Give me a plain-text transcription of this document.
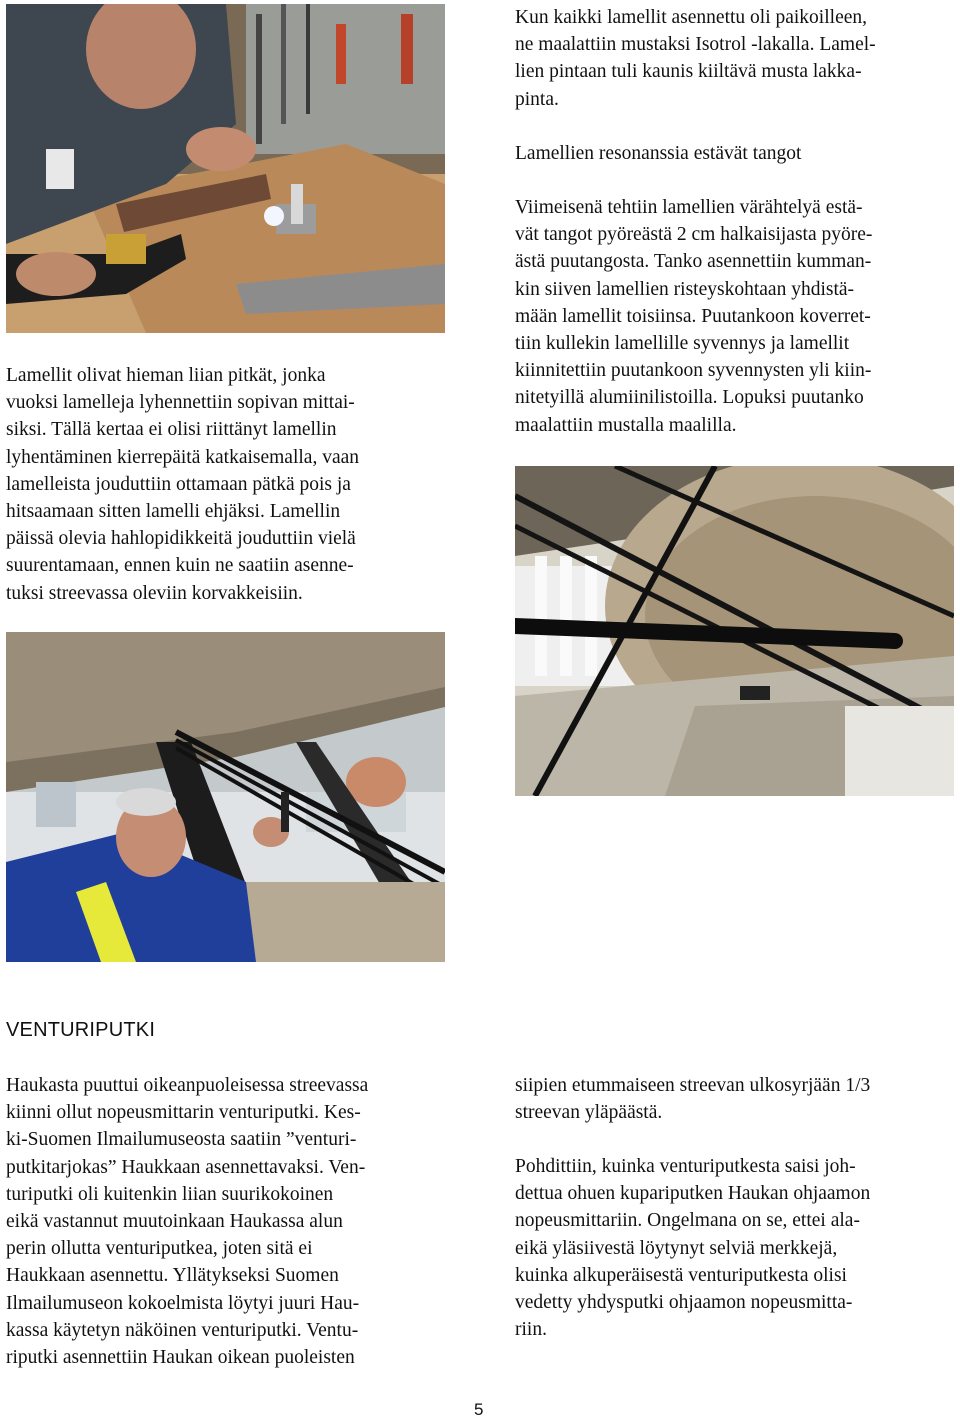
Kun kaikki lamellit asennettu oli paikoilleen,
ne maalattiin mustaksi Isotrol -lakalla. Lamel-
lien pintaan tuli kaunis kiiltävä musta lakka-
pinta.

Lamellien resonanssia estävät tangot

Viimeisenä tehtiin lamellien värähtelyä estä-
vät tangot pyöreästä 2 cm halkaisijasta pyöre-
ästä puutangosta. Tanko asennettiin kumman-
kin siiven lamellien risteyskohtaan yhdistä-
mään lamellit toisiinsa. Puutankoon koverret-
tiin kullekin lamellille syvennys ja lamellit
kiinnitettiin puutankoon syvennysten yli kiin-
nitetyillä alumiinilistoilla. Lopuksi puutanko
maalattiin mustalla maalilla.

Lamellit olivat hieman liian pitkät, jonka
vuoksi lamelleja lyhennettiin sopivan mittai-
siksi. Tällä kertaa ei olisi riittänyt lamellin
lyhentäminen kierrepäitä katkaisemalla, vaan
lamelleista jouduttiin ottamaan pätkä pois ja
hitsaamaan sitten lamelli ehjäksi. Lamellin
päissä olevia hahlopidikkeitä jouduttiin vielä
suurentamaan, ennen kuin ne saatiin asenne-
tuksi streevassa oleviin korvakkeisiin.

VENTURIPUTKI

Haukasta puuttui oikeanpuoleisessa streevassa
kiinni ollut nopeusmittarin venturiputki. Kes-
ki-Suomen Ilmailumuseosta saatiin ”venturi-
putkitarjokas” Haukkaan asennettavaksi. Ven-
turiputki oli kuitenkin liian suurikokoinen
eikä vastannut muutoinkaan Haukassa alun
perin ollutta venturiputkea, joten sitä ei
Haukkaan asennettu. Yllätykseksi Suomen
Ilmailumuseon kokoelmista löytyi juuri Hau-
kassa käytetyn näköinen venturiputki. Ventu-
riputki asennettiin Haukan oikean puoleisten

siipien etummaiseen streevan ulkosyrjään 1/3
streevan yläpäästä.

Pohdittiin, kuinka venturiputkesta saisi joh-
dettua ohuen kupariputken Haukan ohjaamon
nopeusmittariin. Ongelmana on se, ettei ala-
eikä yläsiivestä löytynyt selviä merkkejä,
kuinka alkuperäisestä venturiputkesta olisi
vedetty yhdysputki ohjaamon nopeusmitta-
riin.

5
